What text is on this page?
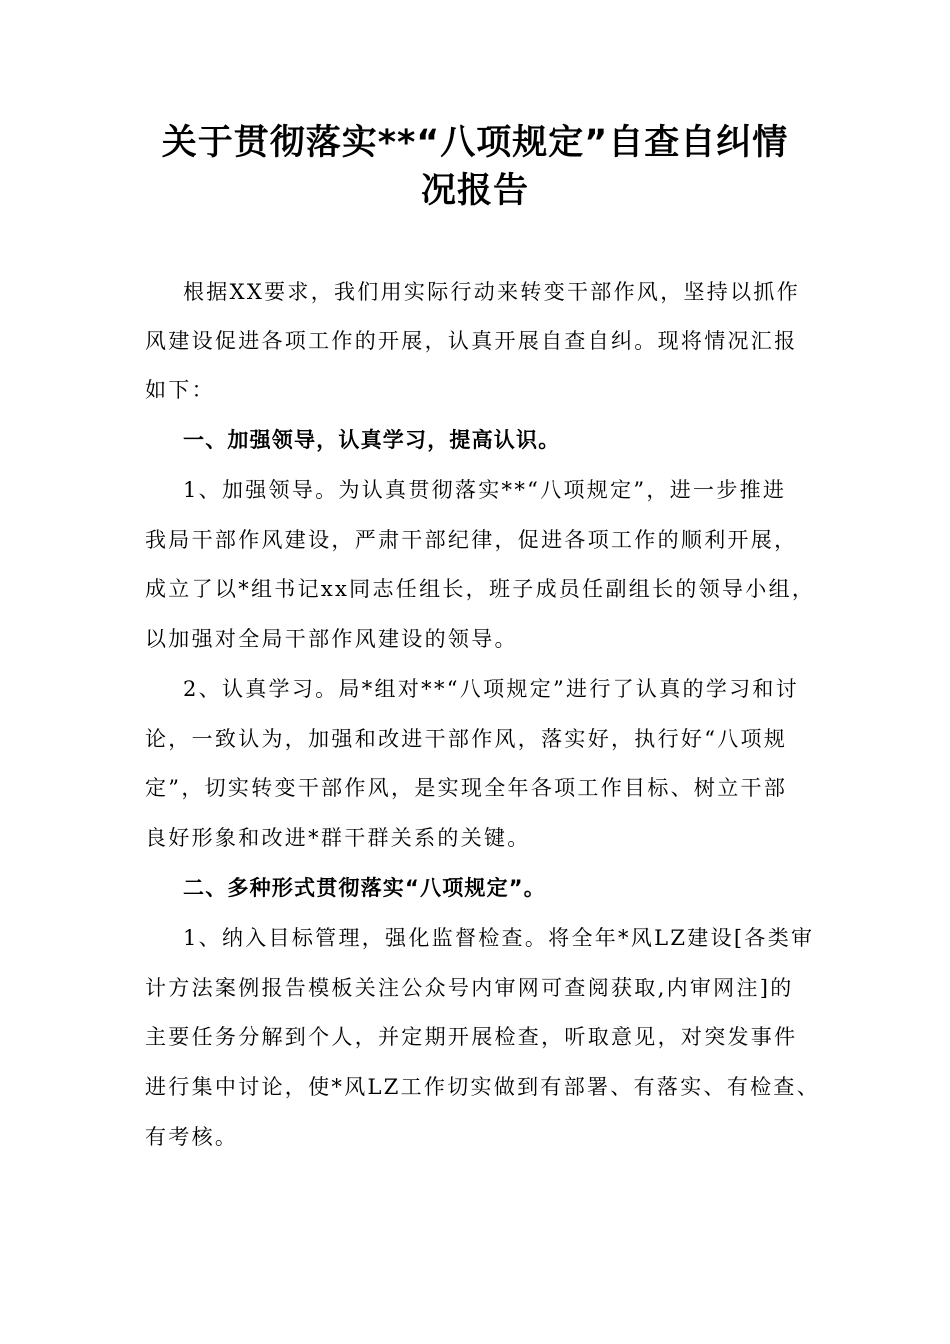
关于贯彻落实**“八项规定”自查自纠情
况报告
根据XX要求，我们用实际行动来转变干部作风，坚持以抓作
风建设促进各项工作的开展，认真开展自查自纠。现将情况汇报
如下：
一、加强领导，认真学习，提高认识。
1、加强领导。为认真贯彻落实**“八项规定”，进一步推进
我局干部作风建设，严肃干部纪律，促进各项工作的顺利开展，
成立了以*组书记xx同志任组长，班子成员任副组长的领导小组，
以加强对全局干部作风建设的领导。
2、认真学习。局*组对**“八项规定”进行了认真的学习和讨
论，一致认为，加强和改进干部作风，落实好，执行好“八项规
定”，切实转变干部作风，是实现全年各项工作目标、树立干部
良好形象和改进*群干群关系的关键。
二、多种形式贯彻落实“八项规定”。
1、纳入目标管理，强化监督检查。将全年*风LZ建设[各类审
计方法案例报告模板关注公众号内审网可查阅获取,内审网注]的
主要任务分解到个人，并定期开展检查，听取意见，对突发事件
进行集中讨论，使*风LZ工作切实做到有部署、有落实、有检查、
有考核。
